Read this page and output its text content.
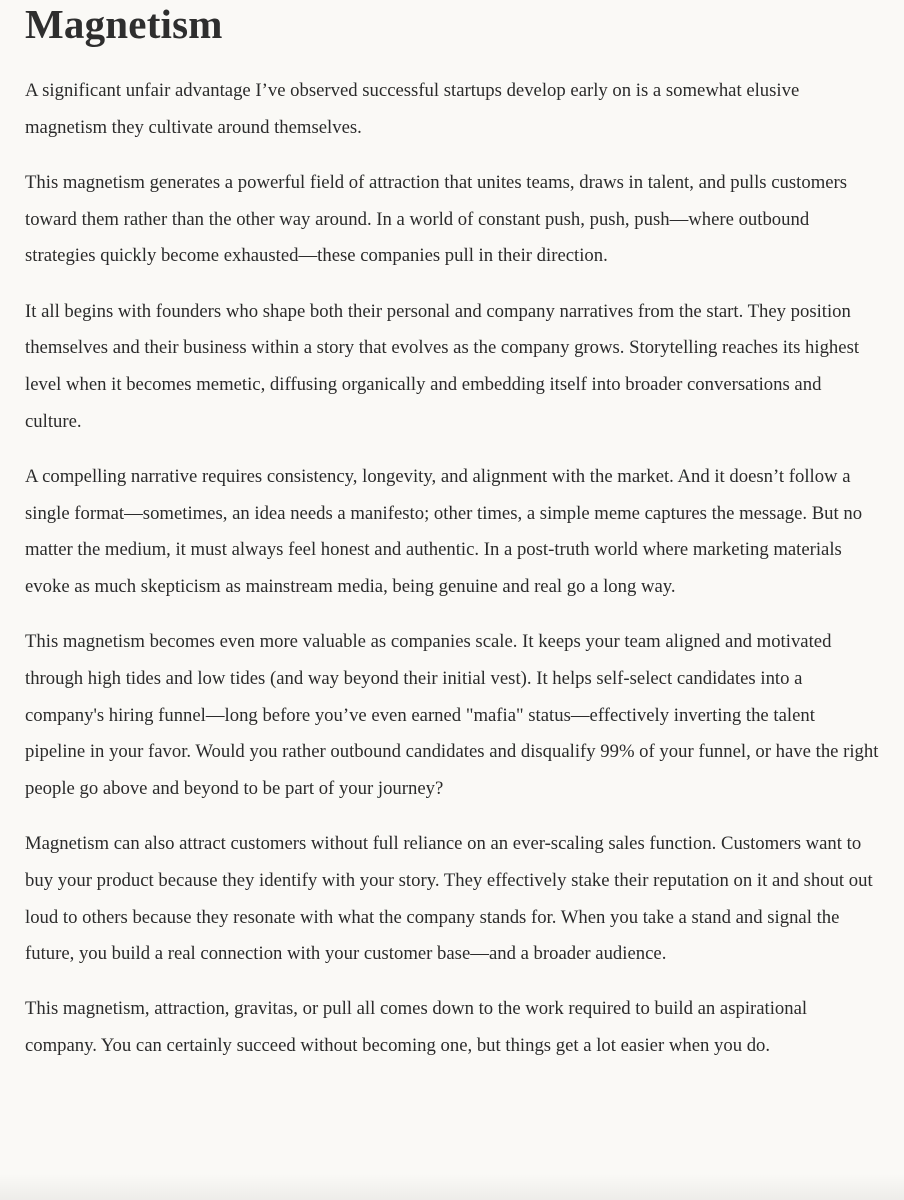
Magnetism

A significant unfair advantage I’ve observed successful startups develop early on is a somewhat elusive magnetism they cultivate around themselves.

This magnetism generates a powerful field of attraction that unites teams, draws in talent, and pulls customers toward them rather than the other way around. In a world of constant push, push, push—where outbound strategies quickly become exhausted—these companies pull in their direction.

It all begins with founders who shape both their personal and company narratives from the start. They position themselves and their business within a story that evolves as the company grows. Storytelling reaches its highest level when it becomes memetic, diffusing organically and embedding itself into broader conversations and culture.

A compelling narrative requires consistency, longevity, and alignment with the market. And it doesn’t follow a single format—sometimes, an idea needs a manifesto; other times, a simple meme captures the message. But no matter the medium, it must always feel honest and authentic. In a post-truth world where marketing materials evoke as much skepticism as mainstream media, being genuine and real go a long way.

This magnetism becomes even more valuable as companies scale. It keeps your team aligned and motivated through high tides and low tides (and way beyond their initial vest). It helps self-select candidates into a company's hiring funnel—long before you’ve even earned "mafia" status—effectively inverting the talent pipeline in your favor. Would you rather outbound candidates and disqualify 99% of your funnel, or have the right people go above and beyond to be part of your journey?

Magnetism can also attract customers without full reliance on an ever-scaling sales function. Customers want to buy your product because they identify with your story. They effectively stake their reputation on it and shout out loud to others because they resonate with what the company stands for. When you take a stand and signal the future, you build a real connection with your customer base—and a broader audience.

This magnetism, attraction, gravitas, or pull all comes down to the work required to build an aspirational company. You can certainly succeed without becoming one, but things get a lot easier when you do.
